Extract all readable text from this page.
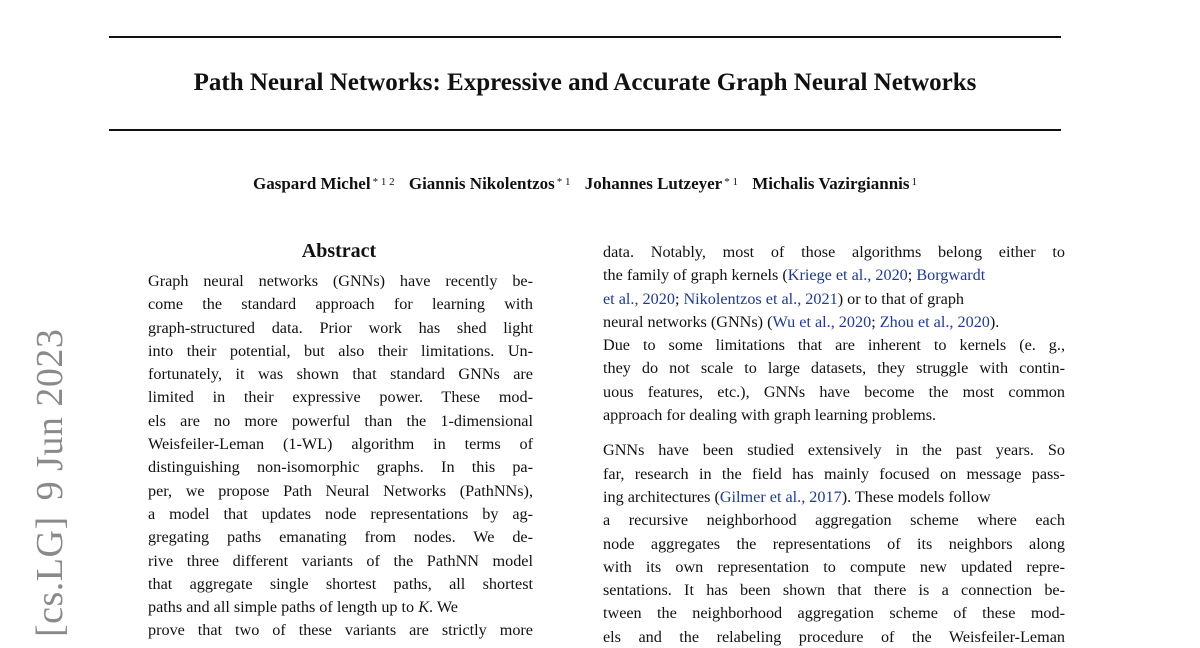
Path Neural Networks: Expressive and Accurate Graph Neural Networks
Gaspard Michel $^{* 1 2}$ Giannis Nikolentzos $^{* 1}$ Johannes Lutzeyer $^{* 1}$ Michalis Vazirgiannis $^1$
[cs.LG]9 Jun 2023
Abstract
Graph neural networks (GNNs) have recently be-
come the standard approach for learning with
graph-structured data. Prior work has shed light
into their potential, but also their limitations. Un-
fortunately, it was shown that standard GNNs are
limited in their expressive power. These mod-
els are no more powerful than the 1-dimensional
Weisfeiler-Leman (1-WL) algorithm in terms of
distinguishing non-isomorphic graphs. In this pa-
per, we propose Path Neural Networks (PathNNs),
a model that updates node representations by ag-
gregating paths emanating from nodes. We de-
rive three different variants of the PathNN model
that aggregate single shortest paths, all shortest
paths and all simple paths of length up to K. We
prove that two of these variants are strictly more
data. Notably, most of those algorithms belong either to
the family of graph kernels (Kriege et al., 2020; Borgwardt
et al., 2020; Nikolentzos et al., 2021) or to that of graph
neural networks (GNNs) (Wu et al., 2020; Zhou et al., 2020).
Due to some limitations that are inherent to kernels (e. g.,
they do not scale to large datasets, they struggle with contin-
uous features, etc.), GNNs have become the most common
approach for dealing with graph learning problems.
GNNs have been studied extensively in the past years. So
far, research in the field has mainly focused on message pass-
ing architectures (Gilmer et al., 2017). These models follow
a recursive neighborhood aggregation scheme where each
node aggregates the representations of its neighbors along
with its own representation to compute new updated repre-
sentations. It has been shown that there is a connection be-
tween the neighborhood aggregation scheme of these mod-
els and the relabeling procedure of the Weisfeiler-Leman
